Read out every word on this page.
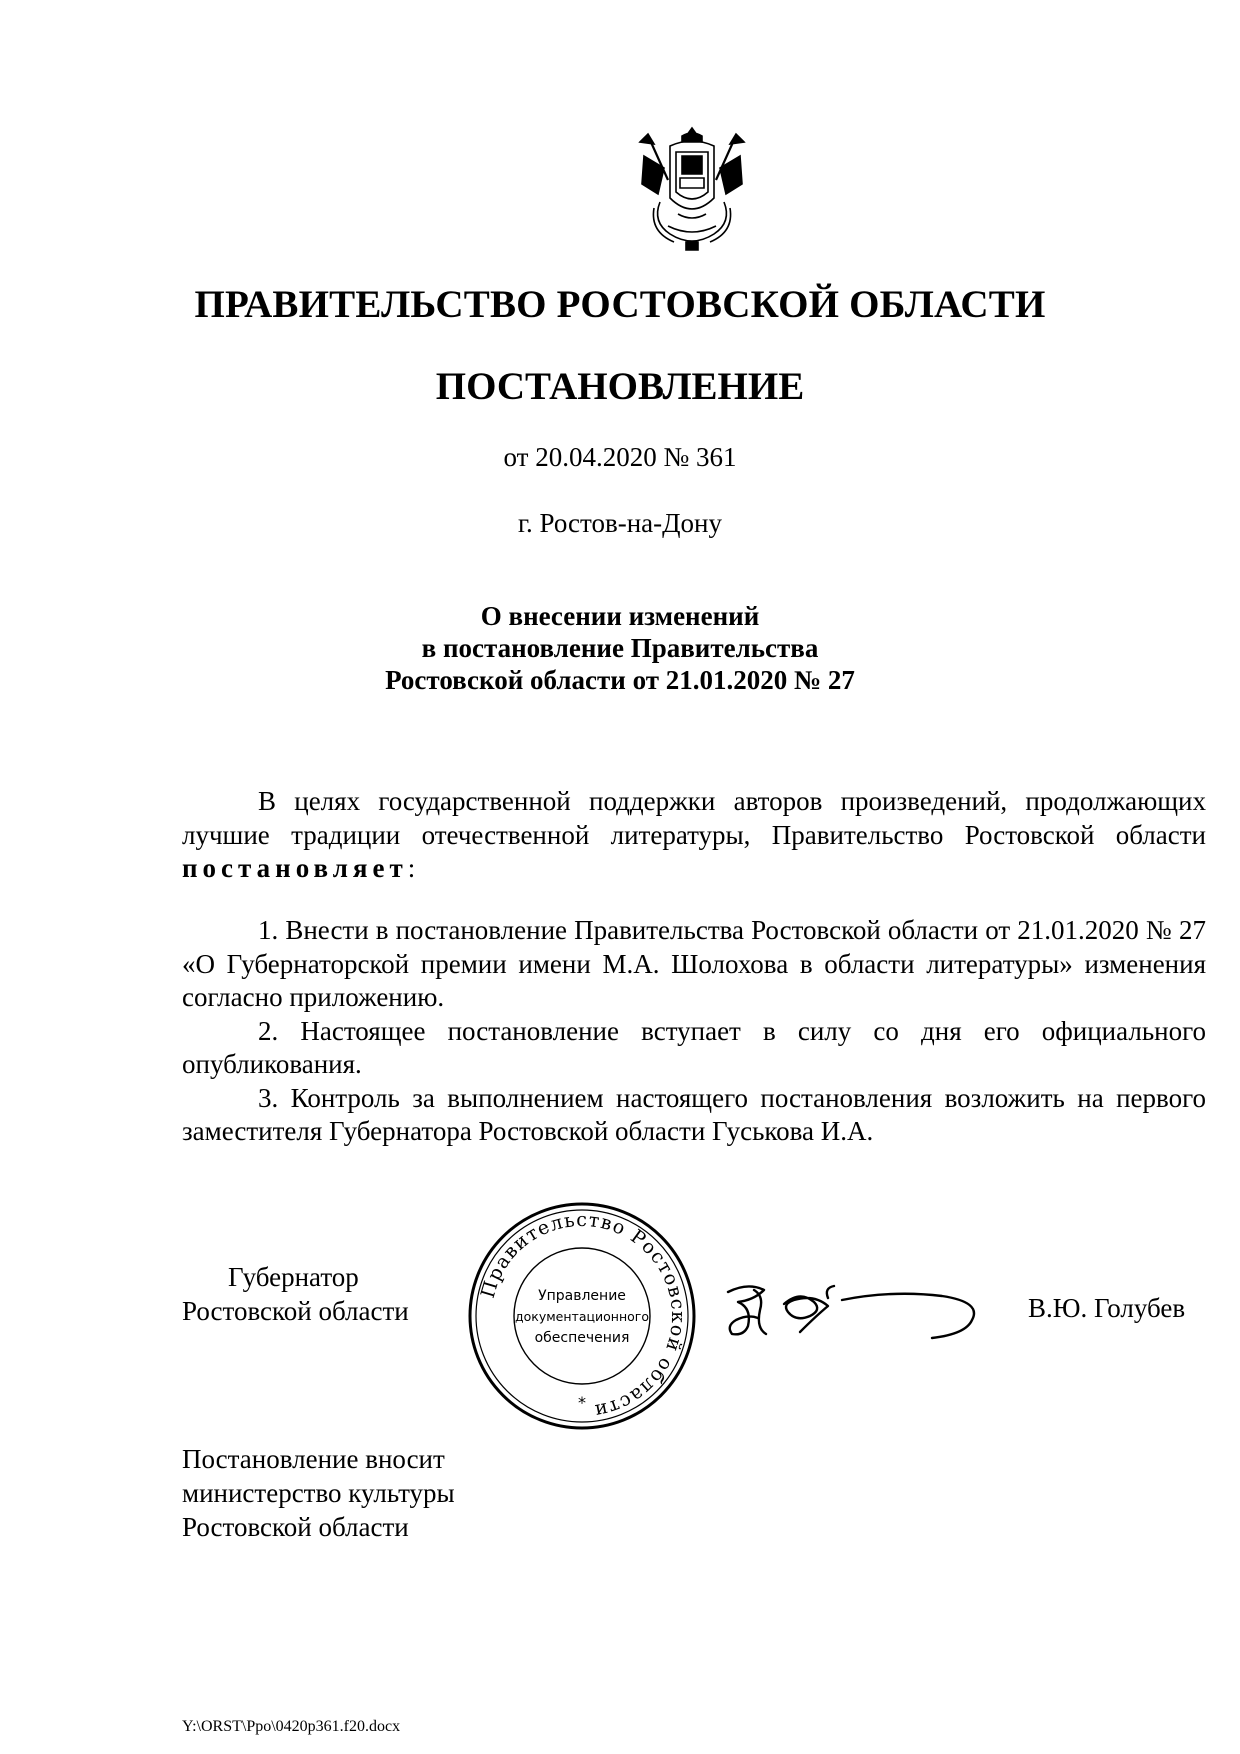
ПРАВИТЕЛЬСТВО РОСТОВСКОЙ ОБЛАСТИ
ПОСТАНОВЛЕНИЕ
от 20.04.2020 № 361
г. Ростов-на-Дону
О внесении изменений
в постановление Правительства
Ростовской области от 21.01.2020 № 27

В целях государственной поддержки авторов произведений, продолжающих лучшие традиции отечественной литературы, Правительство Ростовской области постановляет:

1. Внести в постановление Правительства Ростовской области от 21.01.2020 № 27 «О Губернаторской премии имени М.А. Шолохова в области литературы» изменения согласно приложению.

2. Настоящее постановление вступает в силу со дня его официального опубликования.

3. Контроль за выполнением настоящего постановления возложить на первого заместителя Губернатора Ростовской области Гуськова И.А.

Губернатор
Ростовской области
Правительство Ростовской области
Управление
документационного
обеспечения
*
В.Ю. Голубев
Постановление вносит
министерство культуры
Ростовской области
Y:\ORST\Ppo\0420p361.f20.docx
